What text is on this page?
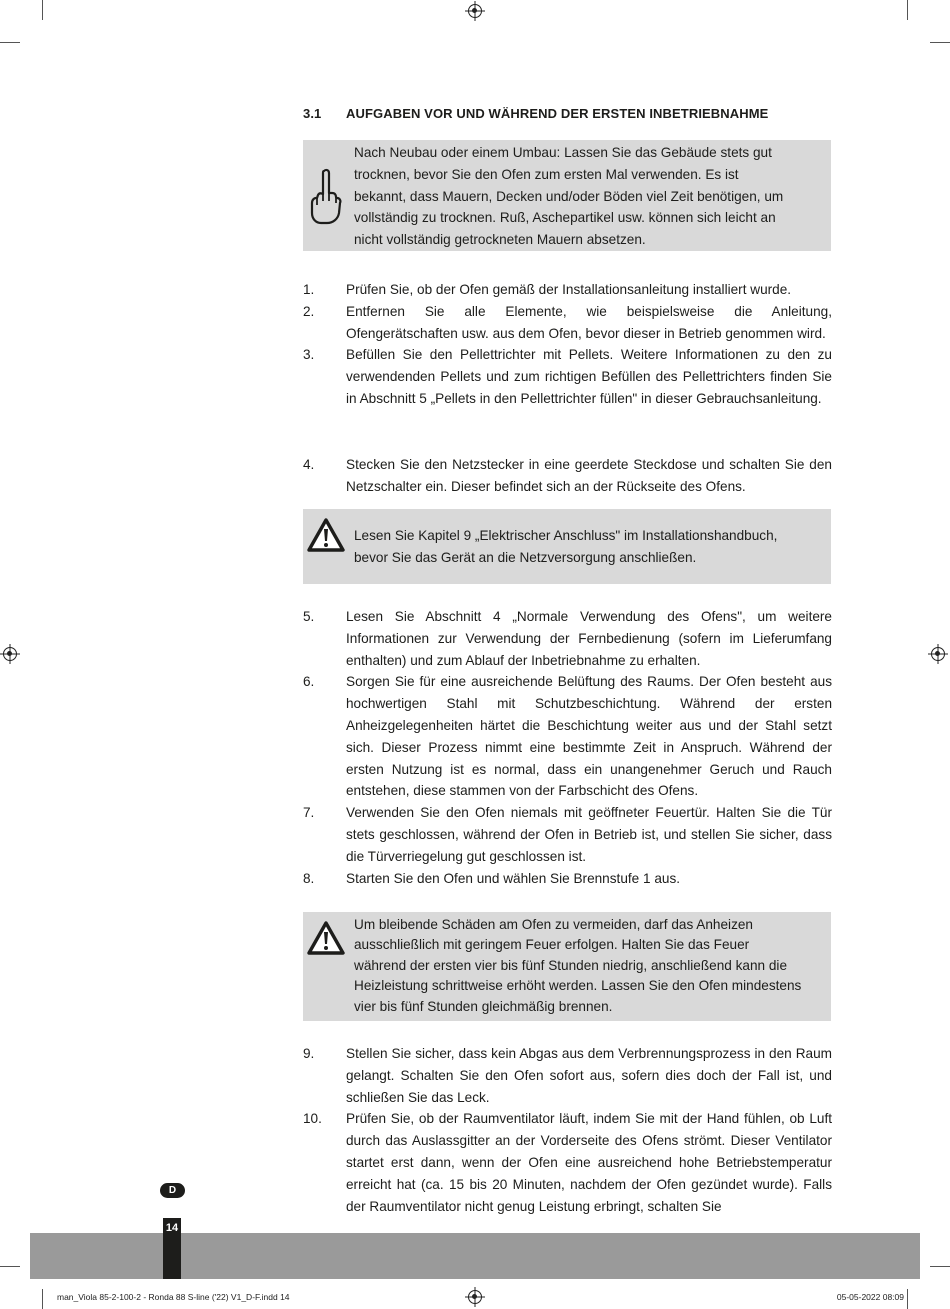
3.1 AUFGABEN VOR UND WÄHREND DER ERSTEN INBETRIEBNAHME
Nach Neubau oder einem Umbau: Lassen Sie das Gebäude stets gut
trocknen, bevor Sie den Ofen zum ersten Mal verwenden. Es ist
bekannt, dass Mauern, Decken und/oder Böden viel Zeit benötigen, um
vollständig zu trocknen. Ruß, Aschepartikel usw. können sich leicht an
nicht vollständig getrockneten Mauern absetzen.
1. Prüfen Sie, ob der Ofen gemäß der Installationsanleitung installiert wurde.
2. Entfernen Sie alle Elemente, wie beispielsweise die Anleitung, Ofengerätschaften usw. aus dem Ofen, bevor dieser in Betrieb genommen wird.
3. Befüllen Sie den Pellettrichter mit Pellets. Weitere Informationen zu den zu verwendenden Pellets und zum richtigen Befüllen des Pellettrichters finden Sie in Abschnitt 5 „Pellets in den Pellettrichter füllen" in dieser Gebrauchsanleitung.
4. Stecken Sie den Netzstecker in eine geerdete Steckdose und schalten Sie den Netzschalter ein. Dieser befindet sich an der Rückseite des Ofens.
Lesen Sie Kapitel 9 „Elektrischer Anschluss" im Installationshandbuch,
bevor Sie das Gerät an die Netzversorgung anschließen.
5. Lesen Sie Abschnitt 4 „Normale Verwendung des Ofens", um weitere Informationen zur Verwendung der Fernbedienung (sofern im Lieferumfang enthalten) und zum Ablauf der Inbetriebnahme zu erhalten.
6. Sorgen Sie für eine ausreichende Belüftung des Raums. Der Ofen besteht aus hochwertigen Stahl mit Schutzbeschichtung. Während der ersten Anheizgelegenheiten härtet die Beschichtung weiter aus und der Stahl setzt sich. Dieser Prozess nimmt eine bestimmte Zeit in Anspruch. Während der ersten Nutzung ist es normal, dass ein unangenehmer Geruch und Rauch entstehen, diese stammen von der Farbschicht des Ofens.
7. Verwenden Sie den Ofen niemals mit geöffneter Feuertür. Halten Sie die Tür stets geschlossen, während der Ofen in Betrieb ist, und stellen Sie sicher, dass die Türverriegelung gut geschlossen ist.
8. Starten Sie den Ofen und wählen Sie Brennstufe 1 aus.
Um bleibende Schäden am Ofen zu vermeiden, darf das Anheizen
ausschließlich mit geringem Feuer erfolgen. Halten Sie das Feuer
während der ersten vier bis fünf Stunden niedrig, anschließend kann die
Heizleistung schrittweise erhöht werden. Lassen Sie den Ofen mindestens
vier bis fünf Stunden gleichmäßig brennen.
9. Stellen Sie sicher, dass kein Abgas aus dem Verbrennungsprozess in den Raum gelangt. Schalten Sie den Ofen sofort aus, sofern dies doch der Fall ist, und schließen Sie das Leck.
10. Prüfen Sie, ob der Raumventilator läuft, indem Sie mit der Hand fühlen, ob Luft durch das Auslassgitter an der Vorderseite des Ofens strömt. Dieser Ventilator startet erst dann, wenn der Ofen eine ausreichend hohe Betriebstemperatur erreicht hat (ca. 15 bis 20 Minuten, nachdem der Ofen gezündet wurde). Falls der Raumventilator nicht genug Leistung erbringt, schalten Sie
D
14
man_Viola 85-2-100-2 - Ronda 88 S-line ('22) V1_D-F.indd 14	05-05-2022 08:09
